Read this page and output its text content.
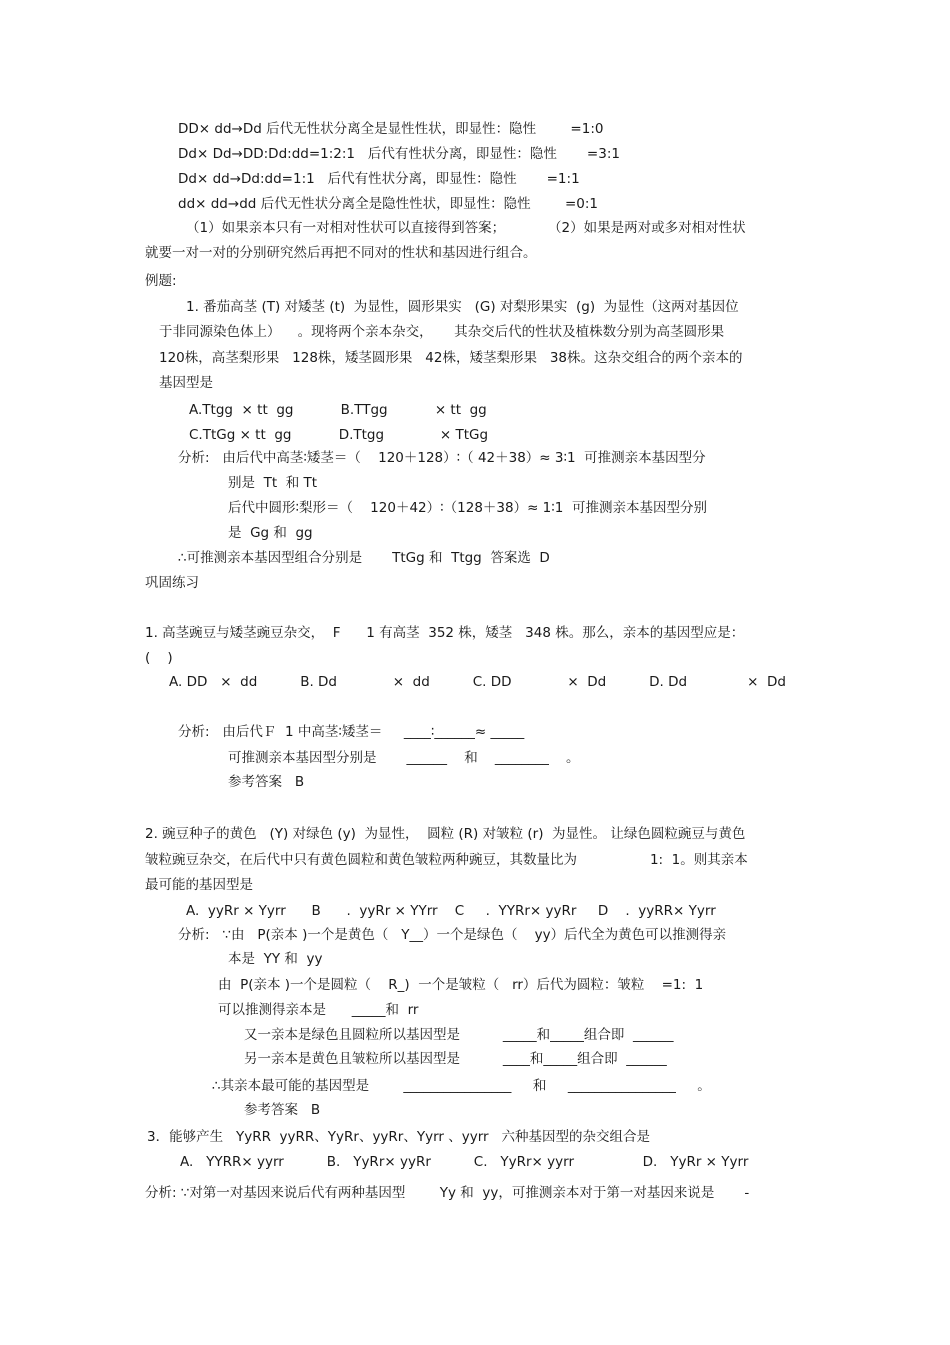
DD× dd→Dd 后代无性状分离全是显性性状，即显性：隐性        =1:0
Dd× Dd→DD:Dd:dd=1:2:1   后代有性状分离，即显性：隐性       =3:1
Dd× dd→Dd:dd=1:1   后代有性状分离，即显性：隐性       =1:1
dd× dd→dd 后代无性状分离全是隐性性状，即显性：隐性        =0:1
（1）如果亲本只有一对相对性状可以直接得到答案；          （2）如果是两对或多对相对性状
就要一对一对的分别研究然后再把不同对的性状和基因进行组合。
例题:
1. 番茄高茎 (T) 对矮茎 (t)  为显性，圆形果实   (G) 对梨形果实  (g)  为显性（这两对基因位
于非同源染色体上）    。现将两个亲本杂交，     其杂交后代的性状及植株数分别为高茎圆形果
120株，高茎梨形果   128株，矮茎圆形果   42株，矮茎梨形果   38株。这杂交组合的两个亲本的
基因型是
A.Ttgg  × tt  gg           B.TTgg           × tt  gg
C.TtGg × tt  gg           D.Ttgg             × TtGg
分析:   由后代中高茎∶矮茎＝（    120＋128）∶（ 42＋38）≈ 3∶1  可推测亲本基因型分
别是  Tt  和 Tt
后代中圆形∶梨形＝（    120＋42）∶（128＋38）≈ 1∶1  可推测亲本基因型分别
是  Gg 和  gg
∴可推测亲本基因型组合分别是       TtGg 和  Ttgg  答案选  D
巩固练习
1. 高茎豌豆与矮茎豌豆杂交，  F      1 有高茎  352 株，矮茎   348 株。那么，亲本的基因型应是：
(    )
A. DD   ×  dd          B. Dd             ×  dd          C. DD             ×  Dd          D. Dd              ×  Dd
分析:   由后代Ｆ  1 中高茎∶矮茎＝     ____∶______≈ _____
可推测亲本基因型分别是       ______    和    ________    。
参考答案   B
2. 豌豆种子的黄色   (Y) 对绿色 (y)  为显性，  圆粒 (R) 对皱粒 (r)  为显性。 让绿色圆粒豌豆与黄色
皱粒豌豆杂交，在后代中只有黄色圆粒和黄色皱粒两种豌豆，其数量比为                 1:  1。则其亲本
最可能的基因型是
A.  yyRr × Yyrr      B      .  yyRr × YYrr    C     .  YYRr× yyRr     D    .  yyRR× Yyrr
分析:   ∵由   P(亲本 )一个是黄色（   Y__）一个是绿色（    yy）后代全为黄色可以推测得亲
本是  YY 和  yy
由  P(亲本 )一个是圆粒（    R_)  一个是皱粒（   rr）后代为圆粒：皱粒    =1:  1
可以推测得亲本是      _____和  rr
又一亲本是绿色且圆粒所以基因型是          _____和_____组合即  ______
另一亲本是黄色且皱粒所以基因型是          ____和_____组合即  ______
∴其亲本最可能的基因型是        ________________     和     ________________     。
参考答案   B
3．能够产生   YyRR  yyRR、YyRr、yyRr、Yyrr 、yyrr   六种基因型的杂交组合是
A.   YYRR× yyrr          B.   YyRr× yyRr          C.   YyRr× yyrr                D.   YyRr × Yyrr
分析: ∵对第一对基因来说后代有两种基因型        Yy 和  yy，可推测亲本对于第一对基因来说是       -
